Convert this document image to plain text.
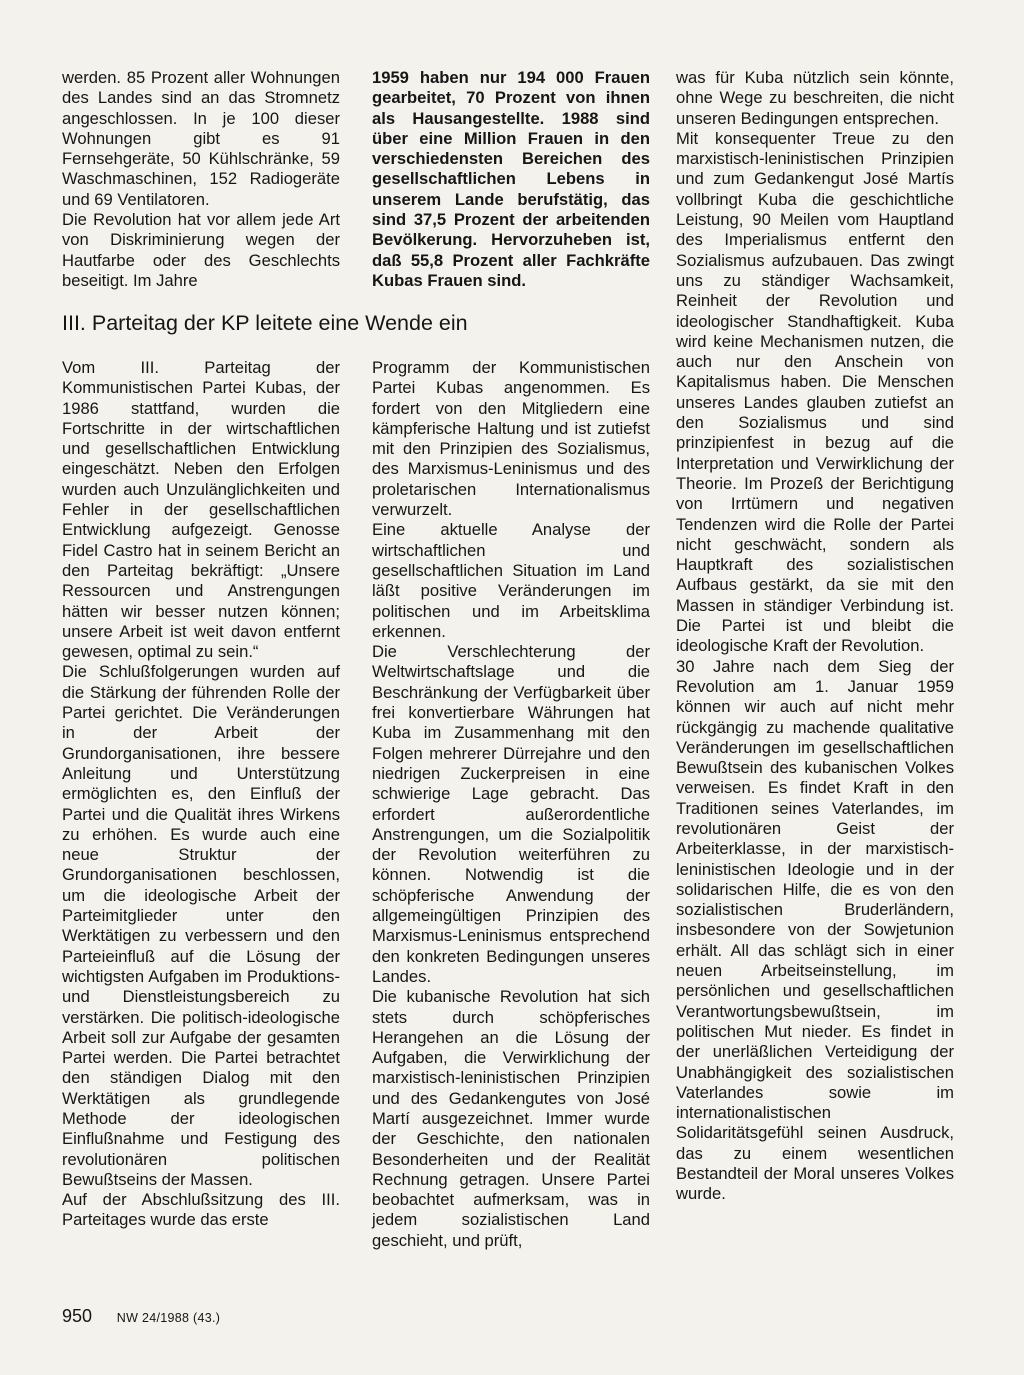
werden. 85 Prozent aller Wohnungen des Landes sind an das Stromnetz angeschlossen. In je 100 dieser Wohnungen gibt es 91 Fernsehgeräte, 50 Kühlschränke, 59 Waschmaschinen, 152 Radiogeräte und 69 Ventilatoren.

Die Revolution hat vor allem jede Art von Diskriminierung wegen der Hautfarbe oder des Geschlechts beseitigt. Im Jahre

1959 haben nur 194 000 Frauen gearbeitet, 70 Prozent von ihnen als Hausangestellte. 1988 sind über eine Million Frauen in den verschiedensten Bereichen des gesellschaftlichen Lebens in unserem Lande berufstätig, das sind 37,5 Prozent der arbeitenden Bevölkerung. Hervorzuheben ist, daß 55,8 Prozent aller Fachkräfte Kubas Frauen sind.

III. Parteitag der KP leitete eine Wende ein

Vom III. Parteitag der Kommunistischen Partei Kubas, der 1986 stattfand, wurden die Fortschritte in der wirtschaftlichen und gesellschaftlichen Entwicklung eingeschätzt. Neben den Erfolgen wurden auch Unzulänglichkeiten und Fehler in der gesellschaftlichen Entwicklung aufgezeigt. Genosse Fidel Castro hat in seinem Bericht an den Parteitag bekräftigt: „Unsere Ressourcen und Anstrengungen hätten wir besser nutzen können; unsere Arbeit ist weit davon entfernt gewesen, optimal zu sein.“

Die Schlußfolgerungen wurden auf die Stärkung der führenden Rolle der Partei gerichtet. Die Veränderungen in der Arbeit der Grundorganisationen, ihre bessere Anleitung und Unterstützung ermöglichten es, den Einfluß der Partei und die Qualität ihres Wirkens zu erhöhen. Es wurde auch eine neue Struktur der Grundorganisationen beschlossen, um die ideologische Arbeit der Parteimitglieder unter den Werktätigen zu verbessern und den Parteieinfluß auf die Lösung der wichtigsten Aufgaben im Produktions- und Dienstleistungsbereich zu verstärken. Die politisch-ideologische Arbeit soll zur Aufgabe der gesamten Partei werden. Die Partei betrachtet den ständigen Dialog mit den Werktätigen als grundlegende Methode der ideologischen Einflußnahme und Festigung des revolutionären politischen Bewußtseins der Massen.

Auf der Abschlußsitzung des III. Parteitages wurde das erste

Programm der Kommunistischen Partei Kubas angenommen. Es fordert von den Mitgliedern eine kämpferische Haltung und ist zutiefst mit den Prinzipien des Sozialismus, des Marxismus-Leninismus und des proletarischen Internationalismus verwurzelt.

Eine aktuelle Analyse der wirtschaftlichen und gesellschaftlichen Situation im Land läßt positive Veränderungen im politischen und im Arbeitsklima erkennen.

Die Verschlechterung der Weltwirtschaftslage und die Beschränkung der Verfügbarkeit über frei konvertierbare Währungen hat Kuba im Zusammenhang mit den Folgen mehrerer Dürrejahre und den niedrigen Zuckerpreisen in eine schwierige Lage gebracht. Das erfordert außerordentliche Anstrengungen, um die Sozialpolitik der Revolution weiterführen zu können. Notwendig ist die schöpferische Anwendung der allgemeingültigen Prinzipien des Marxismus-Leninismus entsprechend den konkreten Bedingungen unseres Landes.

Die kubanische Revolution hat sich stets durch schöpferisches Herangehen an die Lösung der Aufgaben, die Verwirklichung der marxistisch-leninistischen Prinzipien und des Gedankengutes von José Martí ausgezeichnet. Immer wurde der Geschichte, den nationalen Besonderheiten und der Realität Rechnung getragen. Unsere Partei beobachtet aufmerksam, was in jedem sozialistischen Land geschieht, und prüft,

was für Kuba nützlich sein könnte, ohne Wege zu beschreiten, die nicht unseren Bedingungen entsprechen.

Mit konsequenter Treue zu den marxistisch-leninistischen Prinzipien und zum Gedankengut José Martís vollbringt Kuba die geschichtliche Leistung, 90 Meilen vom Hauptland des Imperialismus entfernt den Sozialismus aufzubauen. Das zwingt uns zu ständiger Wachsamkeit, Reinheit der Revolution und ideologischer Standhaftigkeit. Kuba wird keine Mechanismen nutzen, die auch nur den Anschein von Kapitalismus haben. Die Menschen unseres Landes glauben zutiefst an den Sozialismus und sind prinzipienfest in bezug auf die Interpretation und Verwirklichung der Theorie. Im Prozeß der Berichtigung von Irrtümern und negativen Tendenzen wird die Rolle der Partei nicht geschwächt, sondern als Hauptkraft des sozialistischen Aufbaus gestärkt, da sie mit den Massen in ständiger Verbindung ist. Die Partei ist und bleibt die ideologische Kraft der Revolution.

30 Jahre nach dem Sieg der Revolution am 1. Januar 1959 können wir auch auf nicht mehr rückgängig zu machende qualitative Veränderungen im gesellschaftlichen Bewußtsein des kubanischen Volkes verweisen. Es findet Kraft in den Traditionen seines Vaterlandes, im revolutionären Geist der Arbeiterklasse, in der marxistisch-leninistischen Ideologie und in der solidarischen Hilfe, die es von den sozialistischen Bruderländern, insbesondere von der Sowjetunion erhält. All das schlägt sich in einer neuen Arbeitseinstellung, im persönlichen und gesellschaftlichen Verantwortungsbewußtsein, im politischen Mut nieder. Es findet in der unerläßlichen Verteidigung der Unabhängigkeit des sozialistischen Vaterlandes sowie im internationalistischen Solidaritätsgefühl seinen Ausdruck, das zu einem wesentlichen Bestandteil der Moral unseres Volkes wurde.

950 NW 24/1988 (43.)
